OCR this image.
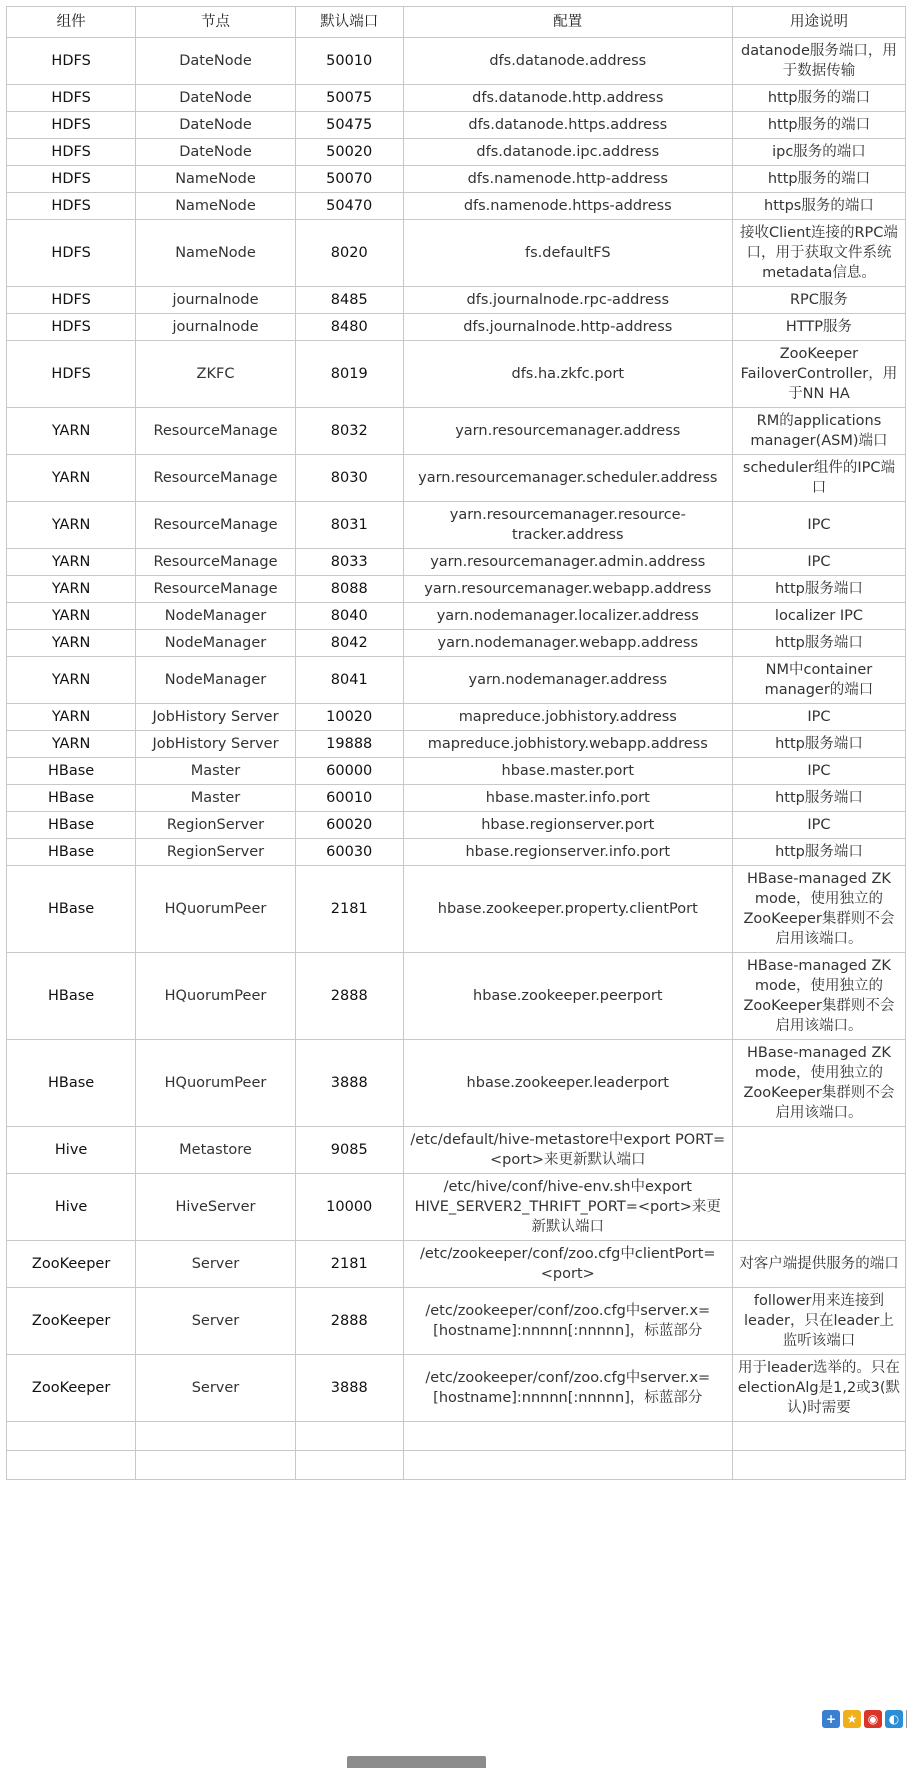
组件	节点	默认端口	配置	用途说明
HDFS	DateNode	50010	dfs.datanode.address	datanode服务端口，用于数据传输
HDFS	DateNode	50075	dfs.datanode.http.address	http服务的端口
HDFS	DateNode	50475	dfs.datanode.https.address	http服务的端口
HDFS	DateNode	50020	dfs.datanode.ipc.address	ipc服务的端口
HDFS	NameNode	50070	dfs.namenode.http-address	http服务的端口
HDFS	NameNode	50470	dfs.namenode.https-address	https服务的端口
HDFS	NameNode	8020	fs.defaultFS	接收Client连接的RPC端口，用于获取文件系统metadata信息。
HDFS	journalnode	8485	dfs.journalnode.rpc-address	RPC服务
HDFS	journalnode	8480	dfs.journalnode.http-address	HTTP服务
HDFS	ZKFC	8019	dfs.ha.zkfc.port	ZooKeeper FailoverController，用于NN HA
YARN	ResourceManage	8032	yarn.resourcemanager.address	RM的applications manager(ASM)端口
YARN	ResourceManage	8030	yarn.resourcemanager.scheduler.address	scheduler组件的IPC端口
YARN	ResourceManage	8031	yarn.resourcemanager.resource-tracker.address	IPC
YARN	ResourceManage	8033	yarn.resourcemanager.admin.address	IPC
YARN	ResourceManage	8088	yarn.resourcemanager.webapp.address	http服务端口
YARN	NodeManager	8040	yarn.nodemanager.localizer.address	localizer IPC
YARN	NodeManager	8042	yarn.nodemanager.webapp.address	http服务端口
YARN	NodeManager	8041	yarn.nodemanager.address	NM中container manager的端口
YARN	JobHistory Server	10020	mapreduce.jobhistory.address	IPC
YARN	JobHistory Server	19888	mapreduce.jobhistory.webapp.address	http服务端口
HBase	Master	60000	hbase.master.port	IPC
HBase	Master	60010	hbase.master.info.port	http服务端口
HBase	RegionServer	60020	hbase.regionserver.port	IPC
HBase	RegionServer	60030	hbase.regionserver.info.port	http服务端口
HBase	HQuorumPeer	2181	hbase.zookeeper.property.clientPort	HBase-managed ZK mode，使用独立的ZooKeeper集群则不会启用该端口。
HBase	HQuorumPeer	2888	hbase.zookeeper.peerport	HBase-managed ZK mode，使用独立的ZooKeeper集群则不会启用该端口。
HBase	HQuorumPeer	3888	hbase.zookeeper.leaderport	HBase-managed ZK mode，使用独立的ZooKeeper集群则不会启用该端口。
Hive	Metastore	9085	/etc/default/hive-metastore中export PORT=<port>来更新默认端口	
Hive	HiveServer	10000	/etc/hive/conf/hive-env.sh中export HIVE_SERVER2_THRIFT_PORT=<port>来更新默认端口	
ZooKeeper	Server	2181	/etc/zookeeper/conf/zoo.cfg中clientPort=<port>	对客户端提供服务的端口
ZooKeeper	Server	2888	/etc/zookeeper/conf/zoo.cfg中server.x=[hostname]:nnnnn[:nnnnn]，标蓝部分	follower用来连接到leader，只在leader上监听该端口
ZooKeeper	Server	3888	/etc/zookeeper/conf/zoo.cfg中server.x=[hostname]:nnnnn[:nnnnn]，标蓝部分	用于leader选举的。只在electionAlg是1,2或3(默认)时需要

+ ★ ◉ ◐
